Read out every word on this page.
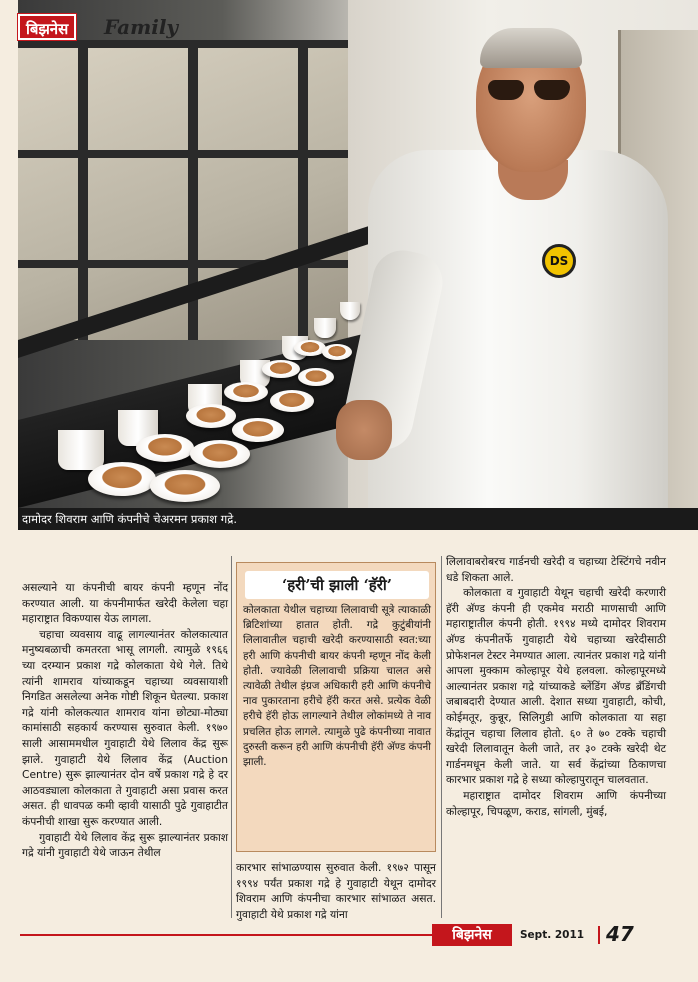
DS
बिझनेस	Family
दामोदर शिवराम आणि कंपनीचे चेअरमन प्रकाश गद्रे.

असल्याने या कंपनीची बायर कंपनी म्हणून नोंद करण्यात आली. या कंपनीमार्फत खरेदी केलेला चहा महाराष्ट्रात विकण्यास येऊ लागला.

चहाचा व्यवसाय वाढू लागल्यानंतर कोलकात्यात मनुष्यबळाची कमतरता भासू लागली. त्यामुळे १९६६ च्या दरम्यान प्रकाश गद्रे कोलकाता येथे गेले. तिथे त्यांनी शामराव यांच्याकडून चहाच्या व्यवसायाशी निगडित असलेल्या अनेक गोष्टी शिकून घेतल्या. प्रकाश गद्रे यांनी कोलकत्यात शामराव यांना छोट्या-मोठ्या कामांसाठी सहकार्य करण्यास सुरुवात केली. १९७० साली आसाममधील गुवाहाटी येथे लिलाव केंद्र सुरू झाले. गुवाहाटी येथे लिलाव केंद्र (Auction Centre) सुरू झाल्यानंतर दोन वर्षे प्रकाश गद्रे हे दर आठवड्याला कोलकाता ते गुवाहाटी असा प्रवास करत असत. ही धावपळ कमी व्हावी यासाठी पुढे गुवाहाटीत कंपनीची शाखा सुरू करण्यात आली.

गुवाहाटी येथे लिलाव केंद्र सुरू झाल्यानंतर प्रकाश गद्रे यांनी गुवाहाटी येथे जाऊन तेथील

‘हरी’ची झाली ‘हॅरी’
कोलकाता येथील चहाच्या लिलावाची सूत्रे त्याकाळी ब्रिटिशांच्या हातात होती. गद्रे कुटुंबीयांनी लिलावातील चहाची खरेदी करण्यासाठी स्वत:च्या हरी आणि कंपनीची बायर कंपनी म्हणून नोंद केली होती. ज्यावेळी लिलावाची प्रक्रिया चालत असे त्यावेळी तेथील इंग्रज अधिकारी हरी आणि कंपनीचे नाव पुकारताना हरीचे हॅरी करत असे. प्रत्येक वेळी हरीचे हॅरी होऊ लागल्याने तेथील लोकांमध्ये ते नाव प्रचलित होऊ लागले. त्यामुळे पुढे कंपनीच्या नावात दुरुस्ती करून हरी आणि कंपनीची हॅरी अ‍ॅण्ड कंपनी झाली.

कारभार सांभाळण्यास सुरुवात केली. १९७२ पासून १९९४ पर्यंत प्रकाश गद्रे हे गुवाहाटी येथून दामोदर शिवराम आणि कंपनीचा कारभार सांभाळत असत. गुवाहाटी येथे प्रकाश गद्रे यांना

लिलावाबरोबरच गार्डनची खरेदी व चहाच्या टेस्टिंगचे नवीन धडे शिकता आले.

कोलकाता व गुवाहाटी येथून चहाची खरेदी करणारी हॅरी अ‍ॅण्ड कंपनी ही एकमेव मराठी माणसाची आणि महाराष्ट्रातील कंपनी होती. १९९४ मध्ये दामोदर शिवराम अ‍ॅण्ड कंपनीतर्फे गुवाहाटी येथे चहाच्या खरेदीसाठी प्रोफेशनल टेस्टर नेमण्यात आला. त्यानंतर प्रकाश गद्रे यांनी आपला मुक्काम कोल्हापूर येथे हलवला. कोल्हापूरमध्ये आल्यानंतर प्रकाश गद्रे यांच्याकडे ब्लेंडिंग अ‍ॅण्ड ब्रँडिंगची जबाबदारी देण्यात आली. देशात सध्या गुवाहाटी, कोची, कोईमतूर, कुन्नूर, सिलिगुडी आणि कोलकाता या सहा केंद्रांतून चहाचा लिलाव होतो. ६० ते ७० टक्के चहाची खरेदी लिलावातून केली जाते, तर ३० टक्के खरेदी थेट गार्डनमधून केली जाते. या सर्व केंद्रांच्या ठिकाणचा कारभार प्रकाश गद्रे हे सध्या कोल्हापुरातून चालवतात.

महाराष्ट्रात दामोदर शिवराम आणि कंपनीच्या कोल्हापूर, चिपळूण, कराड, सांगली, मुंबई,

बिझनेस	Sept. 2011 47
